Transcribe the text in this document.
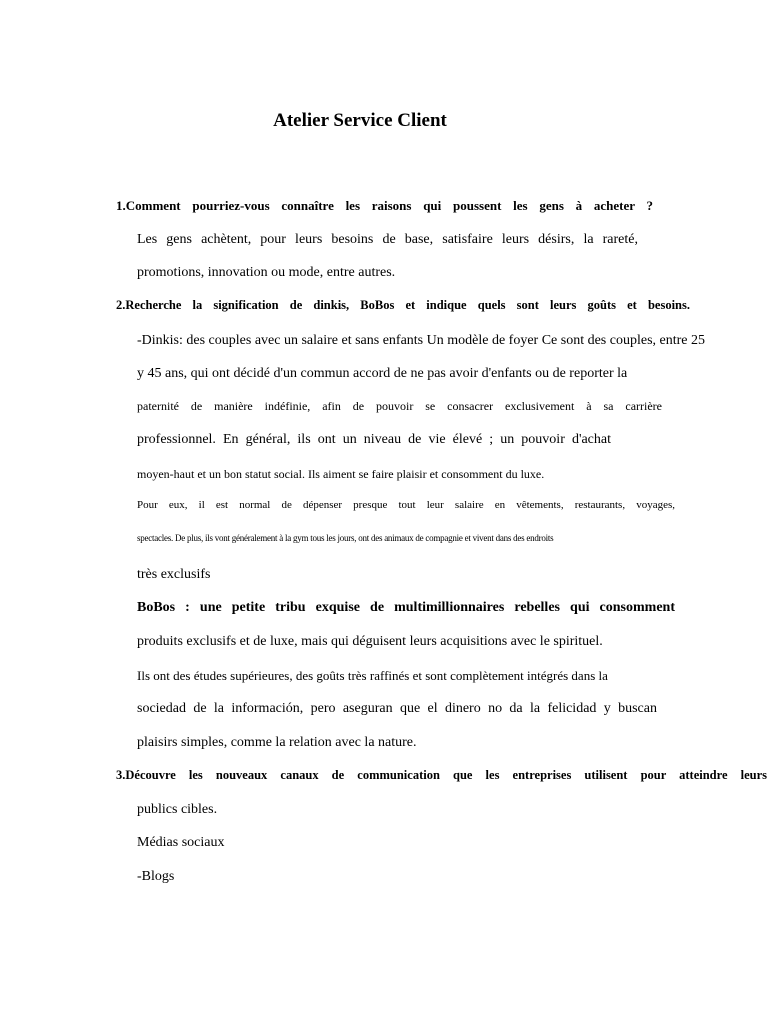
Atelier Service Client
1.Comment pourriez-vous connaître les raisons qui poussent les gens à acheter ?
Les gens achètent, pour leurs besoins de base, satisfaire leurs désirs, la rareté,
promotions, innovation ou mode, entre autres.
2.Recherche la signification de dinkis, BoBos et indique quels sont leurs goûts et besoins.
-Dinkis: des couples avec un salaire et sans enfants Un modèle de foyer Ce sont des couples, entre 25
y 45 ans, qui ont décidé d'un commun accord de ne pas avoir d'enfants ou de reporter la
paternité de manière indéfinie, afin de pouvoir se consacrer exclusivement à sa carrière
professionnel. En général, ils ont un niveau de vie élevé ; un pouvoir d'achat
moyen-haut et un bon statut social. Ils aiment se faire plaisir et consomment du luxe.
Pour eux, il est normal de dépenser presque tout leur salaire en vêtements, restaurants, voyages,
spectacles. De plus, ils vont généralement à la gym tous les jours, ont des animaux de compagnie et vivent dans des endroits
très exclusifs
BoBos : une petite tribu exquise de multimillionnaires rebelles qui consomment
produits exclusifs et de luxe, mais qui déguisent leurs acquisitions avec le spirituel.
Ils ont des études supérieures, des goûts très raffinés et sont complètement intégrés dans la
sociedad de la información, pero aseguran que el dinero no da la felicidad y buscan
plaisirs simples, comme la relation avec la nature.
3.Découvre les nouveaux canaux de communication que les entreprises utilisent pour atteindre leurs
publics cibles.
Médias sociaux
-Blogs
